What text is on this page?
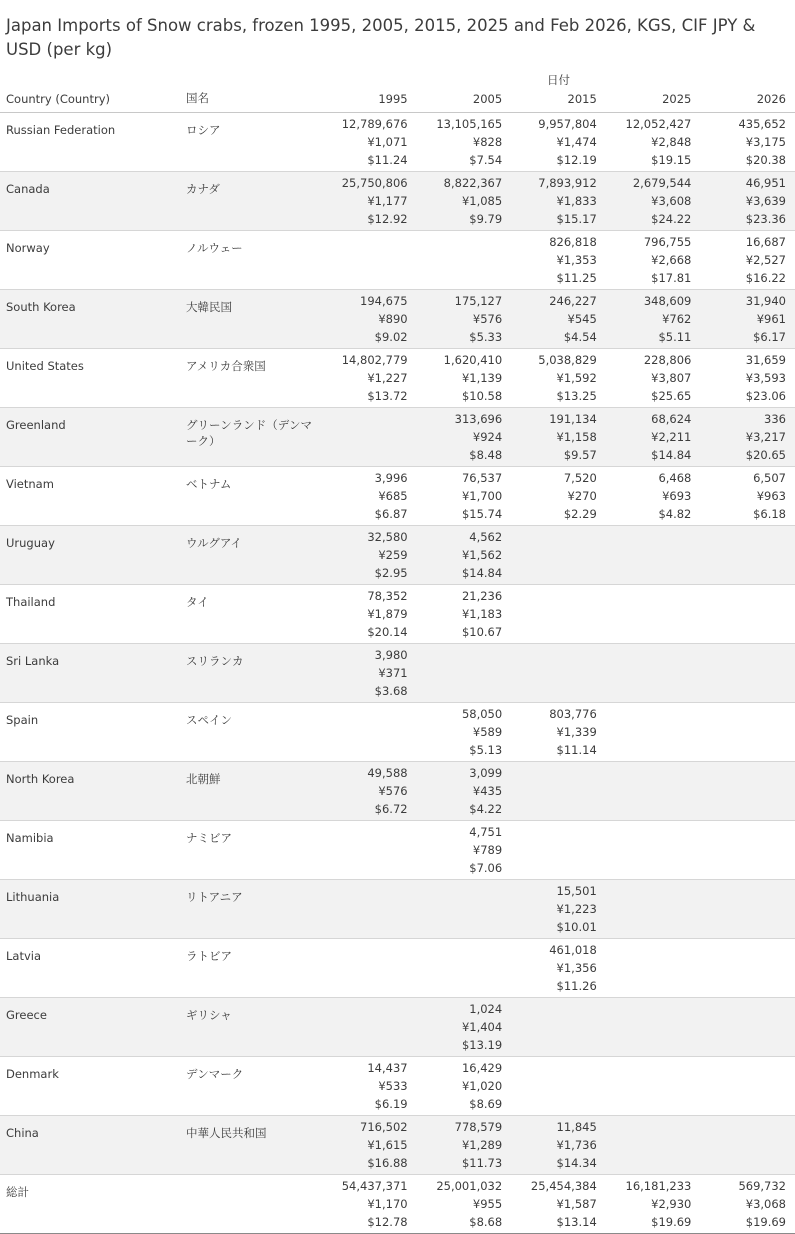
Japan Imports of Snow crabs, frozen 1995, 2005, 2015, 2025 and Feb 2026, KGS, CIF JPY & USD (per kg)
		日付				
Country (Country)	国名	1995	2005	2015	2025	2026
Russian Federation	ロシア	12,789,676
¥1,071
$11.24	13,105,165
¥828
$7.54	9,957,804
¥1,474
$12.19	12,052,427
¥2,848
$19.15	435,652
¥3,175
$20.38

Canada	カナダ	25,750,806
¥1,177
$12.92	8,822,367
¥1,085
$9.79	7,893,912
¥1,833
$15.17	2,679,544
¥3,608
$24.22	46,951
¥3,639
$23.36

Norway	ノルウェー			826,818
¥1,353
$11.25	796,755
¥2,668
$17.81	16,687
¥2,527
$16.22

South Korea	大韓民国	194,675
¥890
$9.02	175,127
¥576
$5.33	246,227
¥545
$4.54	348,609
¥762
$5.11	31,940
¥961
$6.17

United States	アメリカ合衆国	14,802,779
¥1,227
$13.72	1,620,410
¥1,139
$10.58	5,038,829
¥1,592
$13.25	228,806
¥3,807
$25.65	31,659
¥3,593
$23.06

Greenland	グリーンランド（デンマーク）		313,696
¥924
$8.48	191,134
¥1,158
$9.57	68,624
¥2,211
$14.84	336
¥3,217
$20.65

Vietnam	ベトナム	3,996
¥685
$6.87	76,537
¥1,700
$15.74	7,520
¥270
$2.29	6,468
¥693
$4.82	6,507
¥963
$6.18

Uruguay	ウルグアイ	32,580
¥259
$2.95	4,562
¥1,562
$14.84			

Thailand	タイ	78,352
¥1,879
$20.14	21,236
¥1,183
$10.67			

Sri Lanka	スリランカ	3,980
¥371
$3.68				

Spain	スペイン		58,050
¥589
$5.13	803,776
¥1,339
$11.14		

North Korea	北朝鮮	49,588
¥576
$6.72	3,099
¥435
$4.22			

Namibia	ナミビア		4,751
¥789
$7.06			

Lithuania	リトアニア			15,501
¥1,223
$10.01		

Latvia	ラトビア			461,018
¥1,356
$11.26		

Greece	ギリシャ		1,024
¥1,404
$13.19			

Denmark	デンマーク	14,437
¥533
$6.19	16,429
¥1,020
$8.69			

China	中華人民共和国	716,502
¥1,615
$16.88	778,579
¥1,289
$11.73	11,845
¥1,736
$14.34		

総計		54,437,371
¥1,170
$12.78	25,001,032
¥955
$8.68	25,454,384
¥1,587
$13.14	16,181,233
¥2,930
$19.69	569,732
¥3,068
$19.69
